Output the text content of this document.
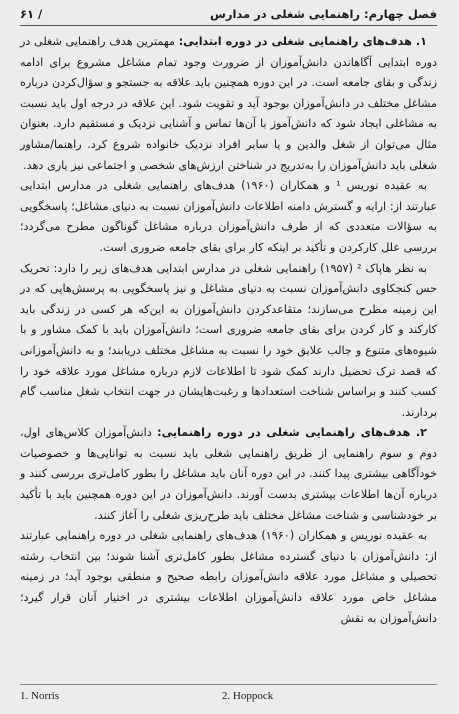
فصل چهارم: راهنمایی شغلی در مدارس
/ ۶۱

۱. هدف‌های راهنمایی شغلی در دوره ابتدایی: مهمترین هدف راهنمایی شغلی در دوره ابتدایی آگاهاندن دانش‌آموزان از ضرورت وجود تمام مشاغل مشروع برای ادامه زندگی و بقای جامعه است. در این دوره همچنین باید علاقه به جستجو و سؤال‌کردن درباره مشاغل مختلف در دانش‌آموزان بوجود آید و تقویت شود. این علاقه در درجه اول باید نسبت به مشاغلی ایجاد شود که دانش‌آموز با آن‌ها تماس و آشنایی نزدیک و مستقیم دارد. بعنوان مثال می‌توان از شغل والدین و یا سایر افراد نزدیک خانواده شروع کرد. راهنما/مشاور شغلی باید دانش‌آموزان را به‌تدریج در شناختن ارزش‌های شخصی و اجتماعی نیز یاری دهد.

به عقیده نوریس ¹ و همکاران (۱۹۶۰) هدف‌های راهنمایی شغلی در مدارس ابتدایی عبارتند از: ارایه و گسترش دامنه اطلاعات دانش‌آموزان نسبت به دنیای مشاغل؛ پاسخگویی به سؤالات متعددی که از طرف دانش‌آموزان درباره مشاغل گوناگون مطرح می‌گردد؛ بررسی علل کارکردن و تأکید بر اینکه کار برای بقای جامعه ضروری است.

به نظر هاپاک ² (۱۹۵۷) راهنمایی شغلی در مدارس ابتدایی هدف‌های زیر را دارد: تحریک حس کنجکاوی دانش‌آموزان نسبت به دنیای مشاغل و نیز پاسخگویی به پرسش‌هایی که در این زمینه مطرح می‌سازند؛ متقاعدکردن دانش‌آموزان به این‌که هر کسی در زندگی باید کارکند و کار کردن برای بقای جامعه ضروری است؛ دانش‌آموزان باید با کمک مشاور و با شیوه‌های متنوع و جالب علایق خود را نسبت به مشاغل مختلف دریابند؛ و به دانش‌آموزانی که قصد ترک تحصیل دارند کمک شود تا اطلاعات لازم درباره مشاغل مورد علاقه خود را کسب کنند و براساس شناخت استعدادها و رغبت‌هایشان در جهت انتخاب شغل مناسب گام بردارند.

۲. هدف‌های راهنمایی شغلی در دوره راهنمایی: دانش‌آموزان کلاس‌های اول، دوم و سوم راهنمایی از طریق راهنمایی شغلی باید نسبت به توانایی‌ها و خصوصیات خودآگاهی بیشتری پیدا کنند. در این دوره آنان باید مشاغل را بطور کامل‌تری بررسی کنند و درباره آن‌ها اطلاعات بیشتری بدست آورند. دانش‌آموزان در این دوره همچنین باید با تأکید بر خودشناسی و شناخت مشاغل مختلف باید طرح‌ریزی شغلی را آغاز کنند.

به عقیده نوریس و همکاران (۱۹۶۰) هدف‌های راهنمایی شغلی در دوره راهنمایی عبارتند از: دانش‌آموزان با دنیای گسترده مشاغل بطور کامل‌تری آشنا شوند؛ بین انتخاب رشته تحصیلی و مشاغل مورد علاقه دانش‌آموزان رابطه صحیح و منطقی بوجود آید؛ در زمینه مشاغل خاص مورد علاقه دانش‌آموزان اطلاعات بیشتری در اختیار آنان قرار گیرد؛ دانش‌آموزان به نقش

1. Norris	2. Hoppock
